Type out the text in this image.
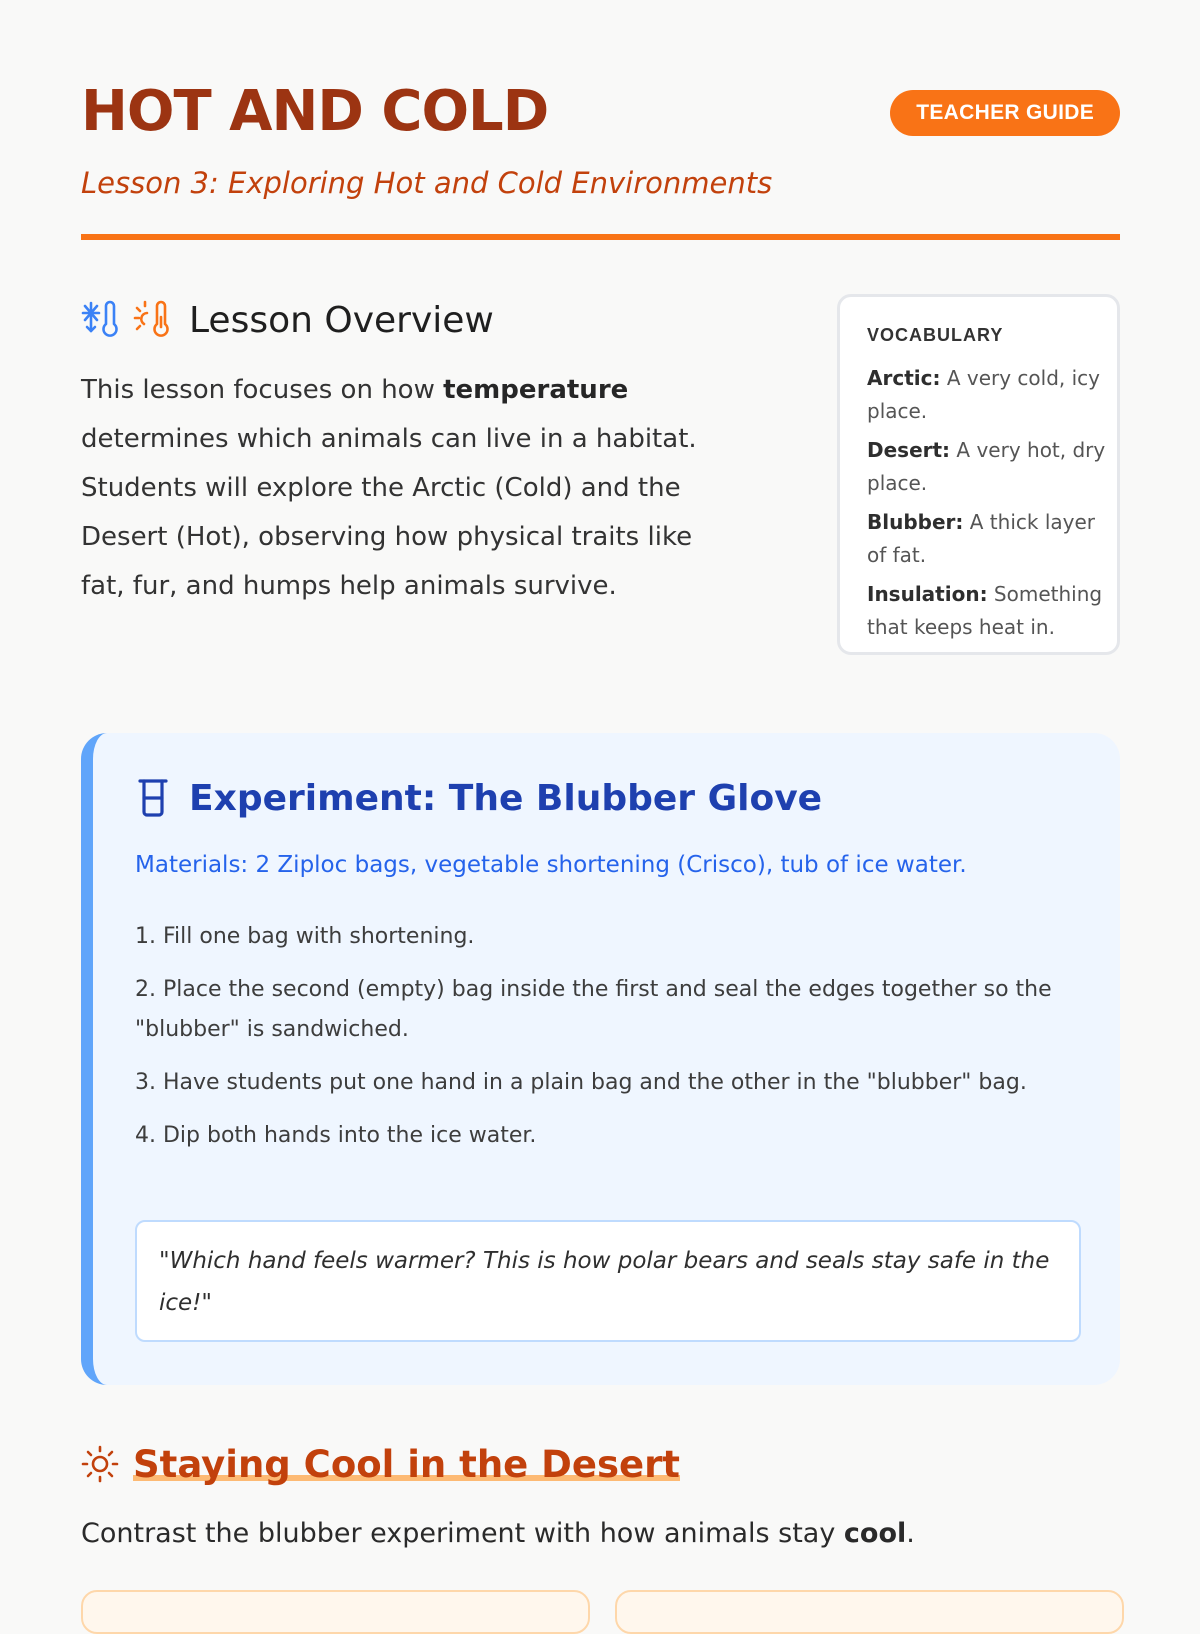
HOT AND COLD

Lesson 3: Exploring Hot and Cold Environments

TEACHER GUIDE
Lesson Overview

This lesson focuses on how temperature determines which animals can live in a habitat. Students will explore the Arctic (Cold) and the Desert (Hot), observing how physical traits like fat, fur, and humps help animals survive.

VOCABULARY
Arctic: A very cold, icy place.
Desert: A very hot, dry place.
Blubber: A thick layer of fat.
Insulation: Something that keeps heat in.
Experiment: The Blubber Glove

Materials: 2 Ziploc bags, vegetable shortening (Crisco), tub of ice water.

1. Fill one bag with shortening.
2. Place the second (empty) bag inside the first and seal the edges together so the "blubber" is sandwiched.
3. Have students put one hand in a plain bag and the other in the "blubber" bag.
4. Dip both hands into the ice water.
"Which hand feels warmer? This is how polar bears and seals stay safe in the ice!"
Staying Cool in the Desert

Contrast the blubber experiment with how animals stay cool.
